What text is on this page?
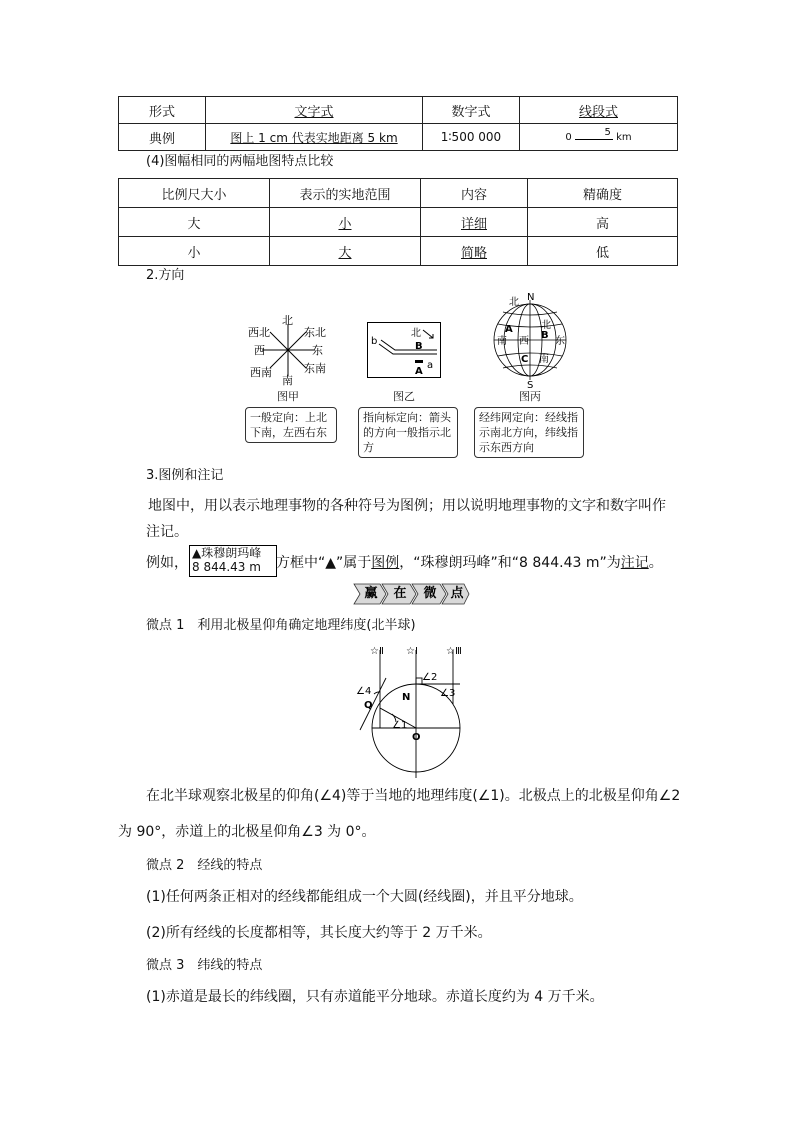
形式	文字式	数字式	线段式
典例	图上 1 cm 代表实地距离 5 km	1∶500 000	0 5 km
(4)图幅相同的两幅地图特点比较
比例尺大小	表示的实地范围	内容	精确度
大	小	详细	高
小	大	简略	低
2.方向
北
东北
东
东南
南
西南
西
西北
图甲
一般定向：上北下南，左西右东
北
b	B
A
a
图乙
指向标定向：箭头的方向一般指示北方
N
S
北
北
南 西	东
南
A
B
C
图丙
经纬网定向：经线指示南北方向，纬线指示东西方向
3.图例和注记
地图中，用以表示地理事物的各种符号为图例；用以说明地理事物的文字和数字叫作注记。
例如，
▲珠穆朗玛峰
8 844.43 m	方框中“▲”属于图例，“珠穆朗玛峰”和“8 844.43 m”为注记。
赢	在	微	点
微点 1　利用北极星仰角确定地理纬度(北半球)
☆Ⅱ ☆Ⅰ	☆Ⅲ
∠2
∠3
∠4
∠1
N
Q
O
在北半球观察北极星的仰角(∠4)等于当地的地理纬度(∠1)。北极点上的北极星仰角∠2
为 90°，赤道上的北极星仰角∠3 为 0°。
微点 2　经线的特点
(1)任何两条正相对的经线都能组成一个大圆(经线圈)，并且平分地球。
(2)所有经线的长度都相等，其长度大约等于 2 万千米。
微点 3　纬线的特点
(1)赤道是最长的纬线圈，只有赤道能平分地球。赤道长度约为 4 万千米。
